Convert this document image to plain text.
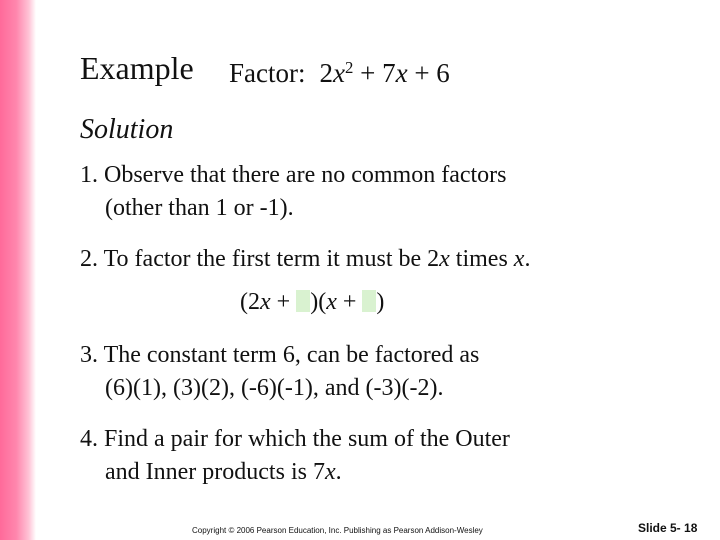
Example Factor: $2x^2 + 7x + 6$
Solution
1. Observe that there are no common factors
(other than 1 or -1).
2. To factor the first term it must be 2x times x.
(2x + )(x + )
3. The constant term 6, can be factored as
(6)(1), (3)(2), (-6)(-1), and (-3)(-2).
4. Find a pair for which the sum of the Outer
and Inner products is 7x.
Copyright © 2006 Pearson Education, Inc. Publishing as Pearson Addison-Wesley	Slide 5- 18
